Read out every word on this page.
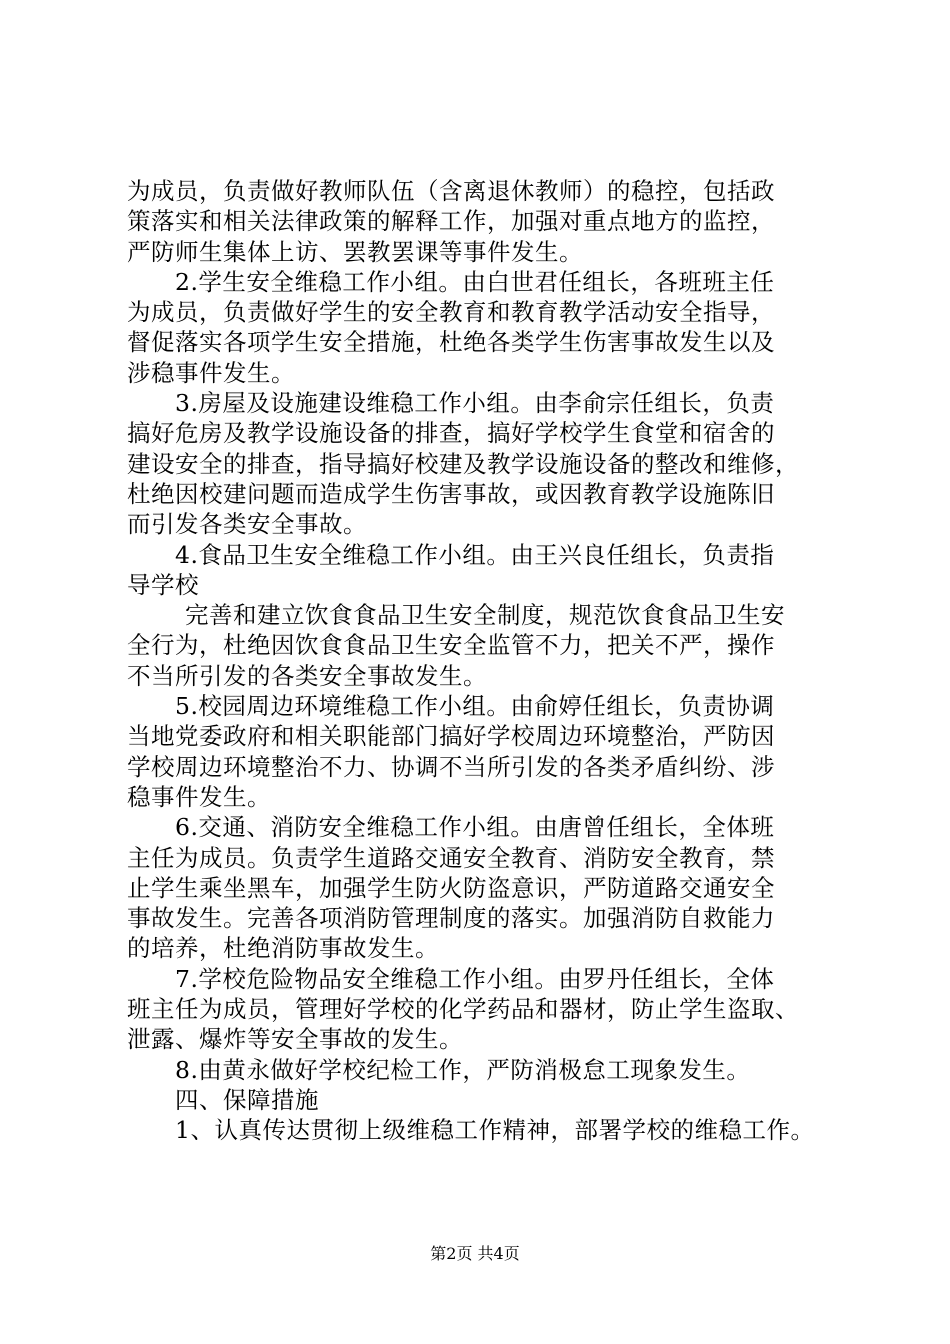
为成员，负责做好教师队伍（含离退休教师）的稳控，包括政
策落实和相关法律政策的解释工作，加强对重点地方的监控，
严防师生集体上访、罢教罢课等事件发生。
2.学生安全维稳工作小组。由白世君任组长，各班班主任
为成员，负责做好学生的安全教育和教育教学活动安全指导，
督促落实各项学生安全措施，杜绝各类学生伤害事故发生以及
涉稳事件发生。
3.房屋及设施建设维稳工作小组。由李俞宗任组长，负责
搞好危房及教学设施设备的排查，搞好学校学生食堂和宿舍的
建设安全的排查，指导搞好校建及教学设施设备的整改和维修，
杜绝因校建问题而造成学生伤害事故，或因教育教学设施陈旧
而引发各类安全事故。
4.食品卫生安全维稳工作小组。由王兴良任组长，负责指
导学校
完善和建立饮食食品卫生安全制度，规范饮食食品卫生安
全行为，杜绝因饮食食品卫生安全监管不力，把关不严，操作
不当所引发的各类安全事故发生。
5.校园周边环境维稳工作小组。由俞婷任组长，负责协调
当地党委政府和相关职能部门搞好学校周边环境整治，严防因
学校周边环境整治不力、协调不当所引发的各类矛盾纠纷、涉
稳事件发生。
6.交通、消防安全维稳工作小组。由唐曾任组长，全体班
主任为成员。负责学生道路交通安全教育、消防安全教育，禁
止学生乘坐黑车，加强学生防火防盗意识，严防道路交通安全
事故发生。完善各项消防管理制度的落实。加强消防自救能力
的培养，杜绝消防事故发生。
7.学校危险物品安全维稳工作小组。由罗丹任组长，全体
班主任为成员，管理好学校的化学药品和器材，防止学生盗取、
泄露、爆炸等安全事故的发生。
8.由黄永做好学校纪检工作，严防消极怠工现象发生。
四、保障措施
1、认真传达贯彻上级维稳工作精神，部署学校的维稳工作。
第2页 共4页
